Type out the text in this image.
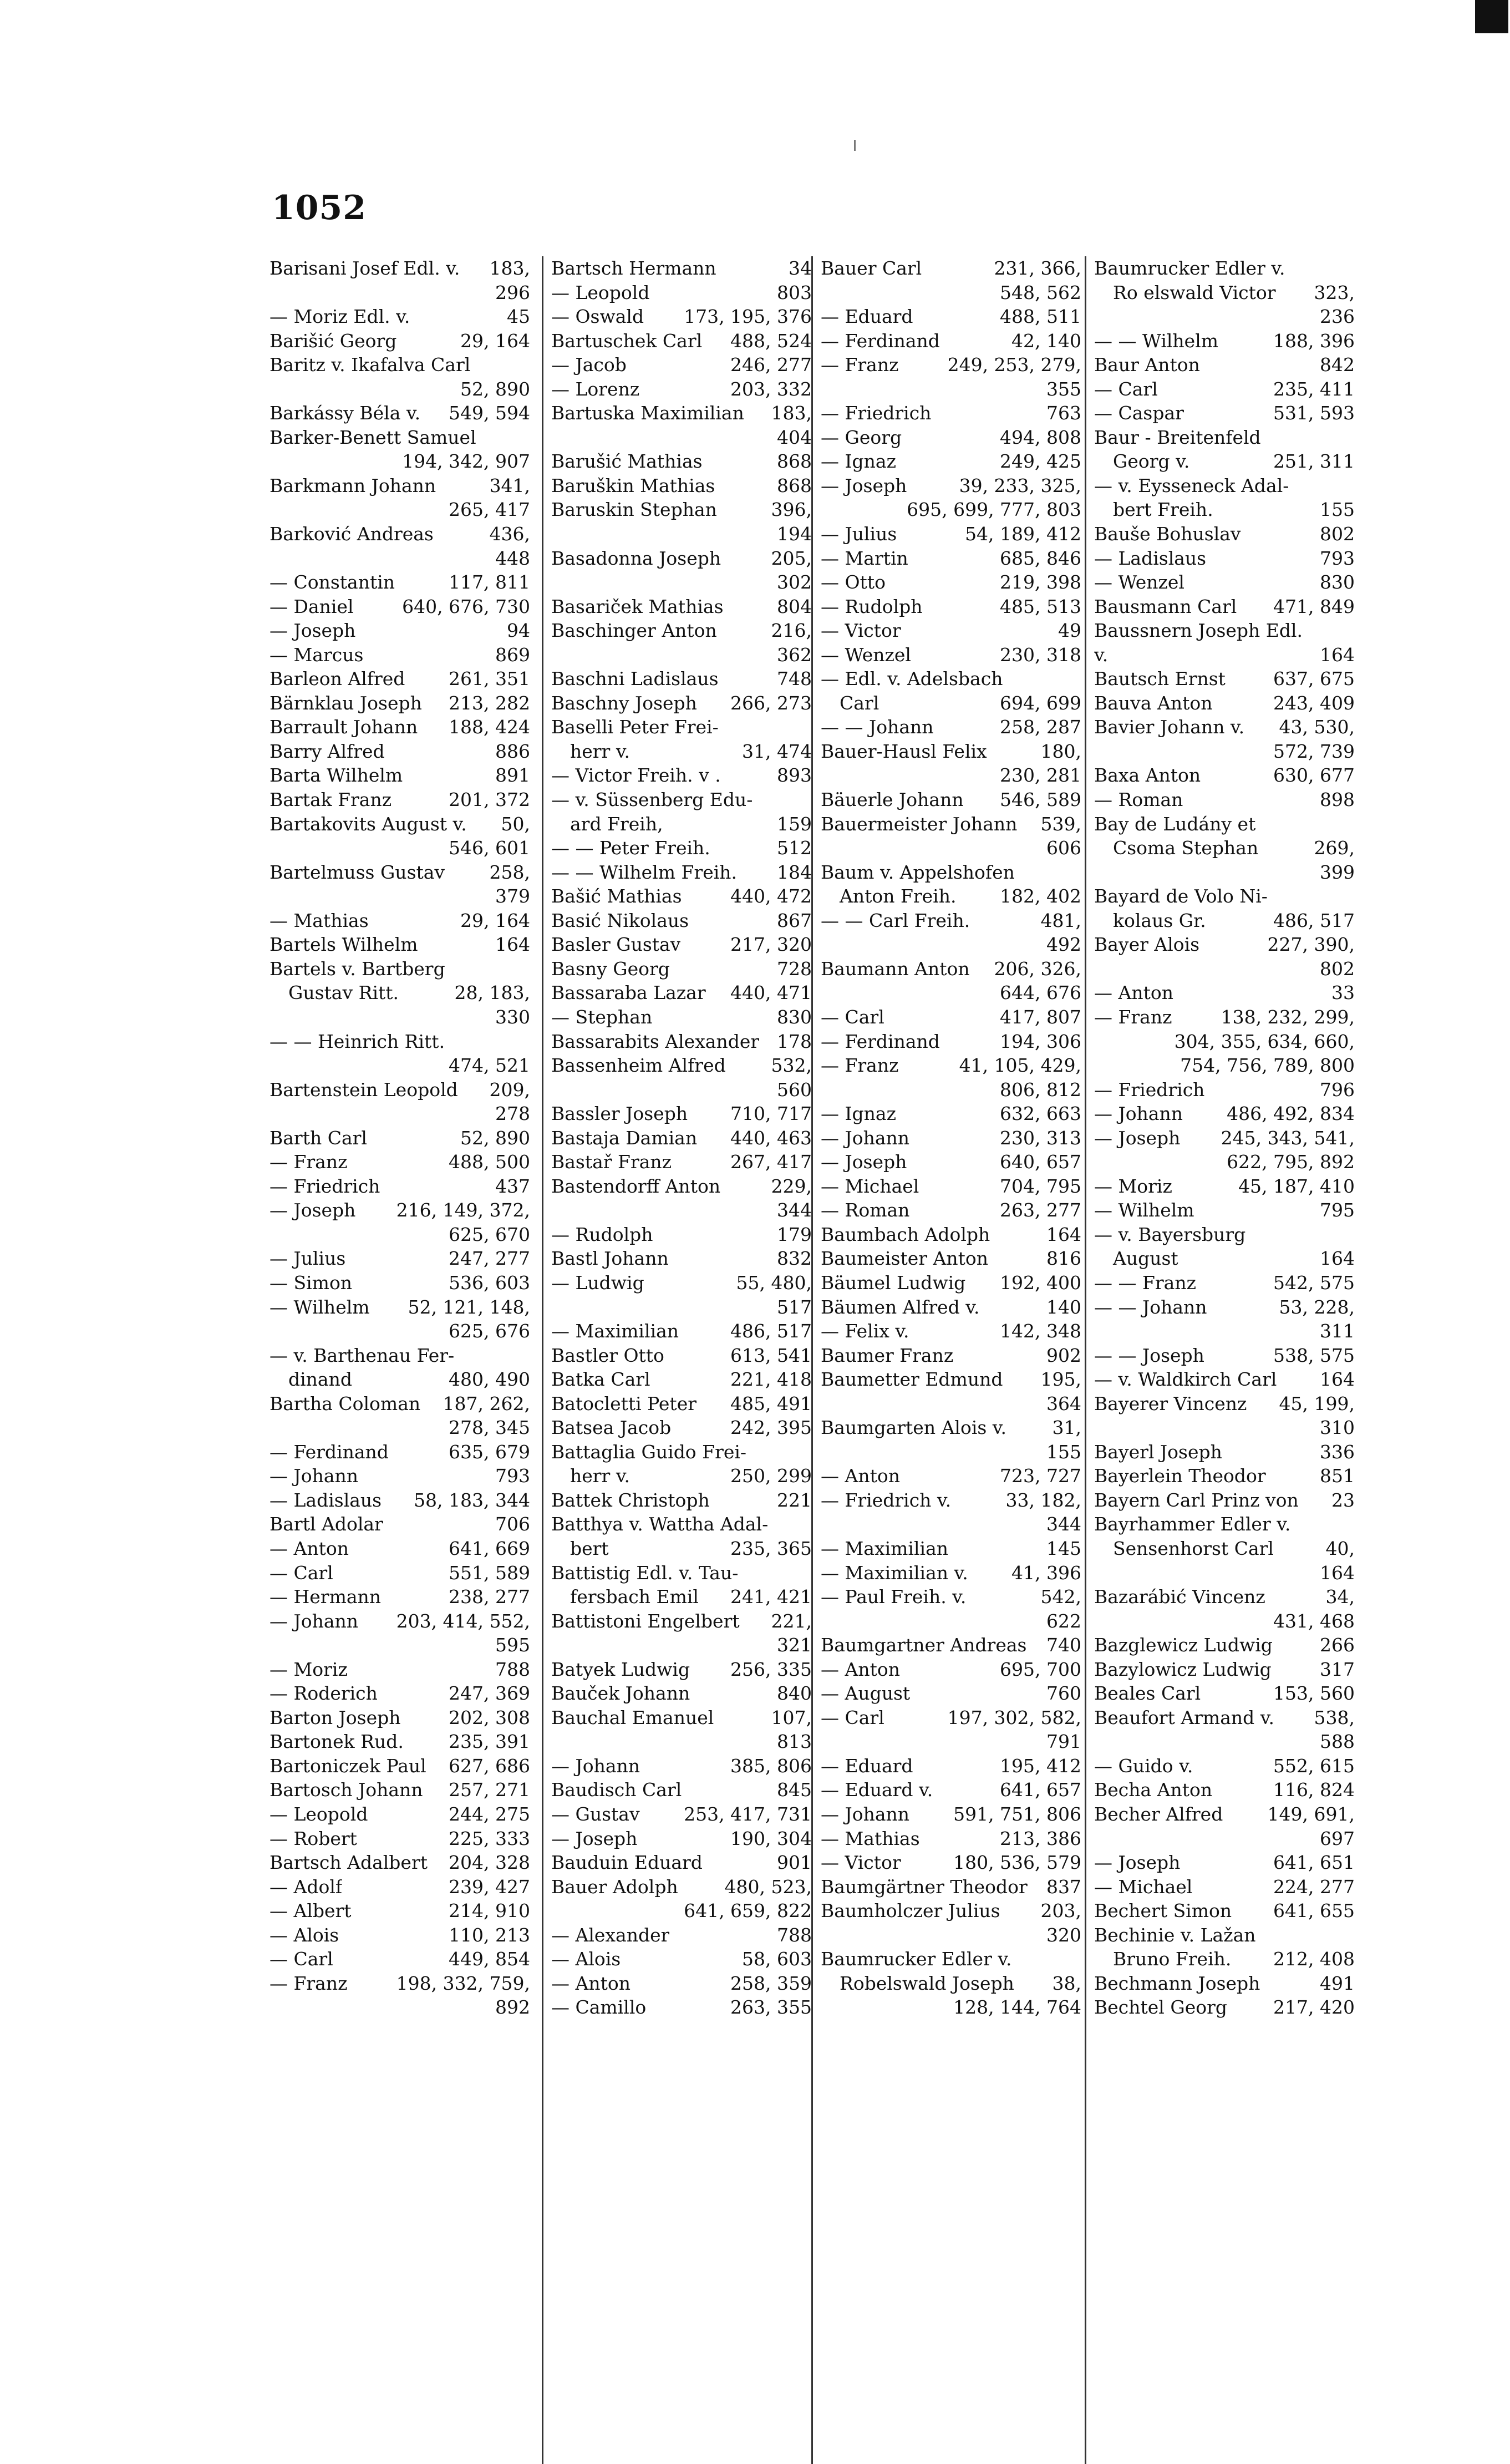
1052
Barisani Josef Edl. v. 183,
296
— Moriz Edl. v.	45
Barišić Georg	29, 164
Baritz v. Ikafalva Carl
52, 890
Barkássy Béla v. 549, 594
Barker-Benett Samuel
194, 342, 907
Barkmann Johann	341,
265, 417
Barković Andreas	436,
448
— Constantin	117, 811
— Daniel	640, 676, 730
— Joseph	94
— Marcus	869
Barleon Alfred 261, 351
Bärnklau Joseph 213, 282
Barrault Johann 188, 424
Barry Alfred	886
Barta Wilhelm	891
Bartak Franz	201, 372
Bartakovits August v. 50,
546, 601
Bartelmuss Gustav 258,
379
— Mathias	29, 164
Bartels Wilhelm	164
Bartels v. Bartberg
Gustav Ritt.	28, 183,
330
— — Heinrich Ritt.
474, 521
Bartenstein Leopold 209,
278
Barth Carl	52, 890
— Franz	488, 500
— Friedrich	437
— Joseph 216, 149, 372,
625, 670
— Julius	247, 277
— Simon	536, 603
— Wilhelm 52, 121, 148,
625, 676
— v. Barthenau Fer-
dinand	480, 490
Bartha Coloman 187, 262,
278, 345
— Ferdinand	635, 679
— Johann	793
— Ladislaus 58, 183, 344
Bartl Adolar	706
— Anton	641, 669
— Carl	551, 589
— Hermann	238, 277
— Johann 203, 414, 552,
595
— Moriz	788
— Roderich	247, 369
Barton Joseph	202, 308
Bartonek Rud. 235, 391
Bartoniczek Paul 627, 686
Bartosch Johann 257, 271
— Leopold	244, 275
— Robert	225, 333
Bartsch Adalbert 204, 328
— Adolf	239, 427
— Albert	214, 910
— Alois	110, 213
— Carl	449, 854
— Franz	198, 332, 759,
892
Bartsch Hermann	34
— Leopold	803
— Oswald 173, 195, 376
Bartuschek Carl 488, 524
— Jacob	246, 277
— Lorenz	203, 332
Bartuska Maximilian 183,
404
Barušić Mathias	868
Baruškin Mathias	868
Baruskin Stephan	396,
194
Basadonna Joseph	205,
302
Basariček Mathias	804
Baschinger Anton	216,
362
Baschni Ladislaus	748
Baschny Joseph 266, 273
Baselli Peter Frei-
herr v.	31, 474
— Victor Freih. v .	893
— v. Süssenberg Edu-
ard Freih,	159
— — Peter Freih.	512
— — Wilhelm Freih. 184
Bašić Mathias	440, 472
Basić Nikolaus	867
Basler Gustav	217, 320
Basny Georg	728
Bassaraba Lazar 440, 471
— Stephan	830
Bassarabits Alexander 178
Bassenheim Alfred 532,
560
Bassler Joseph 710, 717
Bastaja Damian 440, 463
Bastař Franz	267, 417
Bastendorff Anton	229,
344
— Rudolph	179
Bastl Johann	832
— Ludwig	55, 480,
517
— Maximilian	486, 517
Bastler Otto	613, 541
Batka Carl	221, 418
Batocletti Peter 485, 491
Batsea Jacob	242, 395
Battaglia Guido Frei-
herr v.	250, 299
Battek Christoph	221
Batthya v. Wattha Adal-
bert	235, 365
Battistig Edl. v. Tau-
fersbach Emil 241, 421
Battistoni Engelbert 221,
321
Batyek Ludwig 256, 335
Bauček Johann	840
Bauchal Emanuel	107,
813
— Johann	385, 806
Baudisch Carl	845
— Gustav 253, 417, 731
— Joseph	190, 304
Bauduin Eduard	901
Bauer Adolph	480, 523,
641, 659, 822
— Alexander	788
— Alois	58, 603
— Anton	258, 359
— Camillo	263, 355
Bauer Carl	231, 366,
548, 562
— Eduard	488, 511
— Ferdinand	42, 140
— Franz	249, 253, 279,
355
— Friedrich	763
— Georg	494, 808
— Ignaz	249, 425
— Joseph	39, 233, 325,
695, 699, 777, 803
— Julius	54, 189, 412
— Martin	685, 846
— Otto	219, 398
— Rudolph	485, 513
— Victor	49
— Wenzel	230, 318
— Edl. v. Adelsbach
Carl	694, 699
— — Johann	258, 287
Bauer-Hausl Felix	180,
230, 281
Bäuerle Johann 546, 589
Bauermeister Johann 539,
606
Baum v. Appelshofen
Anton Freih. 182, 402
— — Carl Freih.	481,
492
Baumann Anton 206, 326,
644, 676
— Carl	417, 807
— Ferdinand	194, 306
— Franz	41, 105, 429,
806, 812
— Ignaz	632, 663
— Johann	230, 313
— Joseph	640, 657
— Michael	704, 795
— Roman	263, 277
Baumbach Adolph	164
Baumeister Anton	816
Bäumel Ludwig 192, 400
Bäumen Alfred v.	140
— Felix v.	142, 348
Baumer Franz	902
Baumetter Edmund 195,
364
Baumgarten Alois v. 31,
155
— Anton	723, 727
— Friedrich v.	33, 182,
344
— Maximilian	145
— Maximilian v. 41, 396
— Paul Freih. v.	542,
622
Baumgartner Andreas 740
— Anton	695, 700
— August	760
— Carl	197, 302, 582,
791
— Eduard	195, 412
— Eduard v.	641, 657
— Johann 591, 751, 806
— Mathias	213, 386
— Victor	180, 536, 579
Baumgärtner Theodor 837
Baumholczer Julius 203,
320
Baumrucker Edler v.
Robelswald Joseph 38,
128, 144, 764
Baumrucker Edler v.
Ro elswald Victor 323,
236
— — Wilhelm	188, 396
Baur Anton	842
— Carl	235, 411
— Caspar	531, 593
Baur - Breitenfeld
Georg v.	251, 311
— v. Eysseneck Adal-
bert Freih.	155
Bauše Bohuslav	802
— Ladislaus	793
— Wenzel	830
Bausmann Carl 471, 849
Baussnern Joseph Edl.
v.	164
Bautsch Ernst	637, 675
Bauva Anton	243, 409
Bavier Johann v. 43, 530,
572, 739
Baxa Anton	630, 677
— Roman	898
Bay de Ludány et
Csoma Stephan	269,
399
Bayard de Volo Ni-
kolaus Gr.	486, 517
Bayer Alois	227, 390,
802
— Anton	33
— Franz	138, 232, 299,
304, 355, 634, 660,
754, 756, 789, 800
— Friedrich	796
— Johann 486, 492, 834
— Joseph 245, 343, 541,
622, 795, 892
— Moriz	45, 187, 410
— Wilhelm	795
— v. Bayersburg
August	164
— — Franz	542, 575
— — Johann	53, 228,
311
— — Joseph	538, 575
— v. Waldkirch Carl 164
Bayerer Vincenz 45, 199,
310
Bayerl Joseph	336
Bayerlein Theodor	851
Bayern Carl Prinz von 23
Bayrhammer Edler v.
Sensenhorst Carl	40,
164
Bazarábić Vincenz	34,
431, 468
Bazglewicz Ludwig	266
Bazylowicz Ludwig	317
Beales Carl	153, 560
Beaufort Armand v. 538,
588
— Guido v.	552, 615
Becha Anton	116, 824
Becher Alfred 149, 691,
697
— Joseph	641, 651
— Michael	224, 277
Bechert Simon 641, 655
Bechinie v. Lažan
Bruno Freih. 212, 408
Bechmann Joseph	491
Bechtel Georg	217, 420
